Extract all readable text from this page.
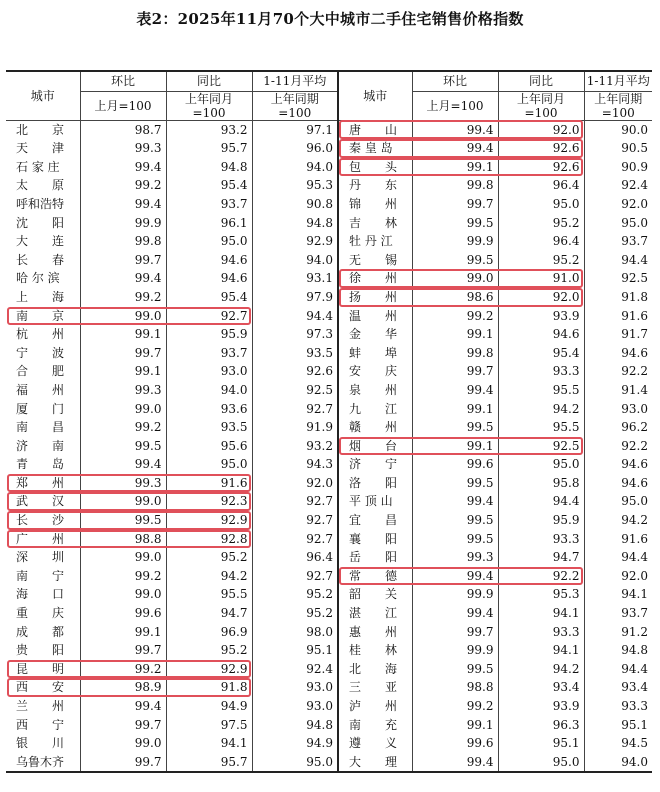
表2：2025年11月70个大中城市二手住宅销售价格指数
城市	环比	同比	1-11月平均	城市	环比	同比	1-11月平均
	上月=100	上年同月=100	上年同期=100		上月=100	上年同月=100	上年同期=100
北　　京	98.7	93.2	97.1	唐　　山	99.4	92.0	90.0
天　　津	99.3	95.7	96.0	秦 皇 岛	99.4	92.6	90.5
石 家 庄	99.4	94.8	94.0	包　　头	99.1	92.6	90.9
太　　原	99.2	95.4	95.3	丹　　东	99.8	96.4	92.4
呼和浩特	99.4	93.7	90.8	锦　　州	99.7	95.0	92.0
沈　　阳	99.9	96.1	94.8	吉　　林	99.5	95.2	95.0
大　　连	99.8	95.0	92.9	牡 丹 江	99.9	96.4	93.7
长　　春	99.7	94.6	94.0	无　　锡	99.5	95.2	94.4
哈 尔 滨	99.4	94.6	93.1	徐　　州	99.0	91.0	92.5
上　　海	99.2	95.4	97.9	扬　　州	98.6	92.0	91.8
南　　京	99.0	92.7	94.4	温　　州	99.2	93.9	91.6
杭　　州	99.1	95.9	97.3	金　　华	99.1	94.6	91.7
宁　　波	99.7	93.7	93.5	蚌　　埠	99.8	95.4	94.6
合　　肥	99.1	93.0	92.6	安　　庆	99.7	93.3	92.2
福　　州	99.3	94.0	92.5	泉　　州	99.4	95.5	91.4
厦　　门	99.0	93.6	92.7	九　　江	99.1	94.2	93.0
南　　昌	99.2	93.5	91.9	赣　　州	99.5	95.5	96.2
济　　南	99.5	95.6	93.2	烟　　台	99.1	92.5	92.2
青　　岛	99.4	95.0	94.3	济　　宁	99.6	95.0	94.6
郑　　州	99.3	91.6	92.0	洛　　阳	99.5	95.8	94.6
武　　汉	99.0	92.3	92.7	平 顶 山	99.4	94.4	95.0
长　　沙	99.5	92.9	92.7	宜　　昌	99.5	95.9	94.2
广　　州	98.8	92.8	92.7	襄　　阳	99.5	93.3	91.6
深　　圳	99.0	95.2	96.4	岳　　阳	99.3	94.7	94.4
南　　宁	99.2	94.2	92.7	常　　德	99.4	92.2	92.0
海　　口	99.0	95.5	95.2	韶　　关	99.9	95.3	94.1
重　　庆	99.6	94.7	95.2	湛　　江	99.4	94.1	93.7
成　　都	99.1	96.9	98.0	惠　　州	99.7	93.3	91.2
贵　　阳	99.7	95.2	95.1	桂　　林	99.9	94.1	94.8
昆　　明	99.2	92.9	92.4	北　　海	99.5	94.2	94.4
西　　安	98.9	91.8	93.0	三　　亚	98.8	93.4	93.4
兰　　州	99.4	94.9	93.0	泸　　州	99.2	93.9	93.3
西　　宁	99.7	97.5	94.8	南　　充	99.1	96.3	95.1
银　　川	99.0	94.1	94.9	遵　　义	99.6	95.1	94.5
乌鲁木齐	99.7	95.7	95.0	大　　理	99.4	95.0	94.0
